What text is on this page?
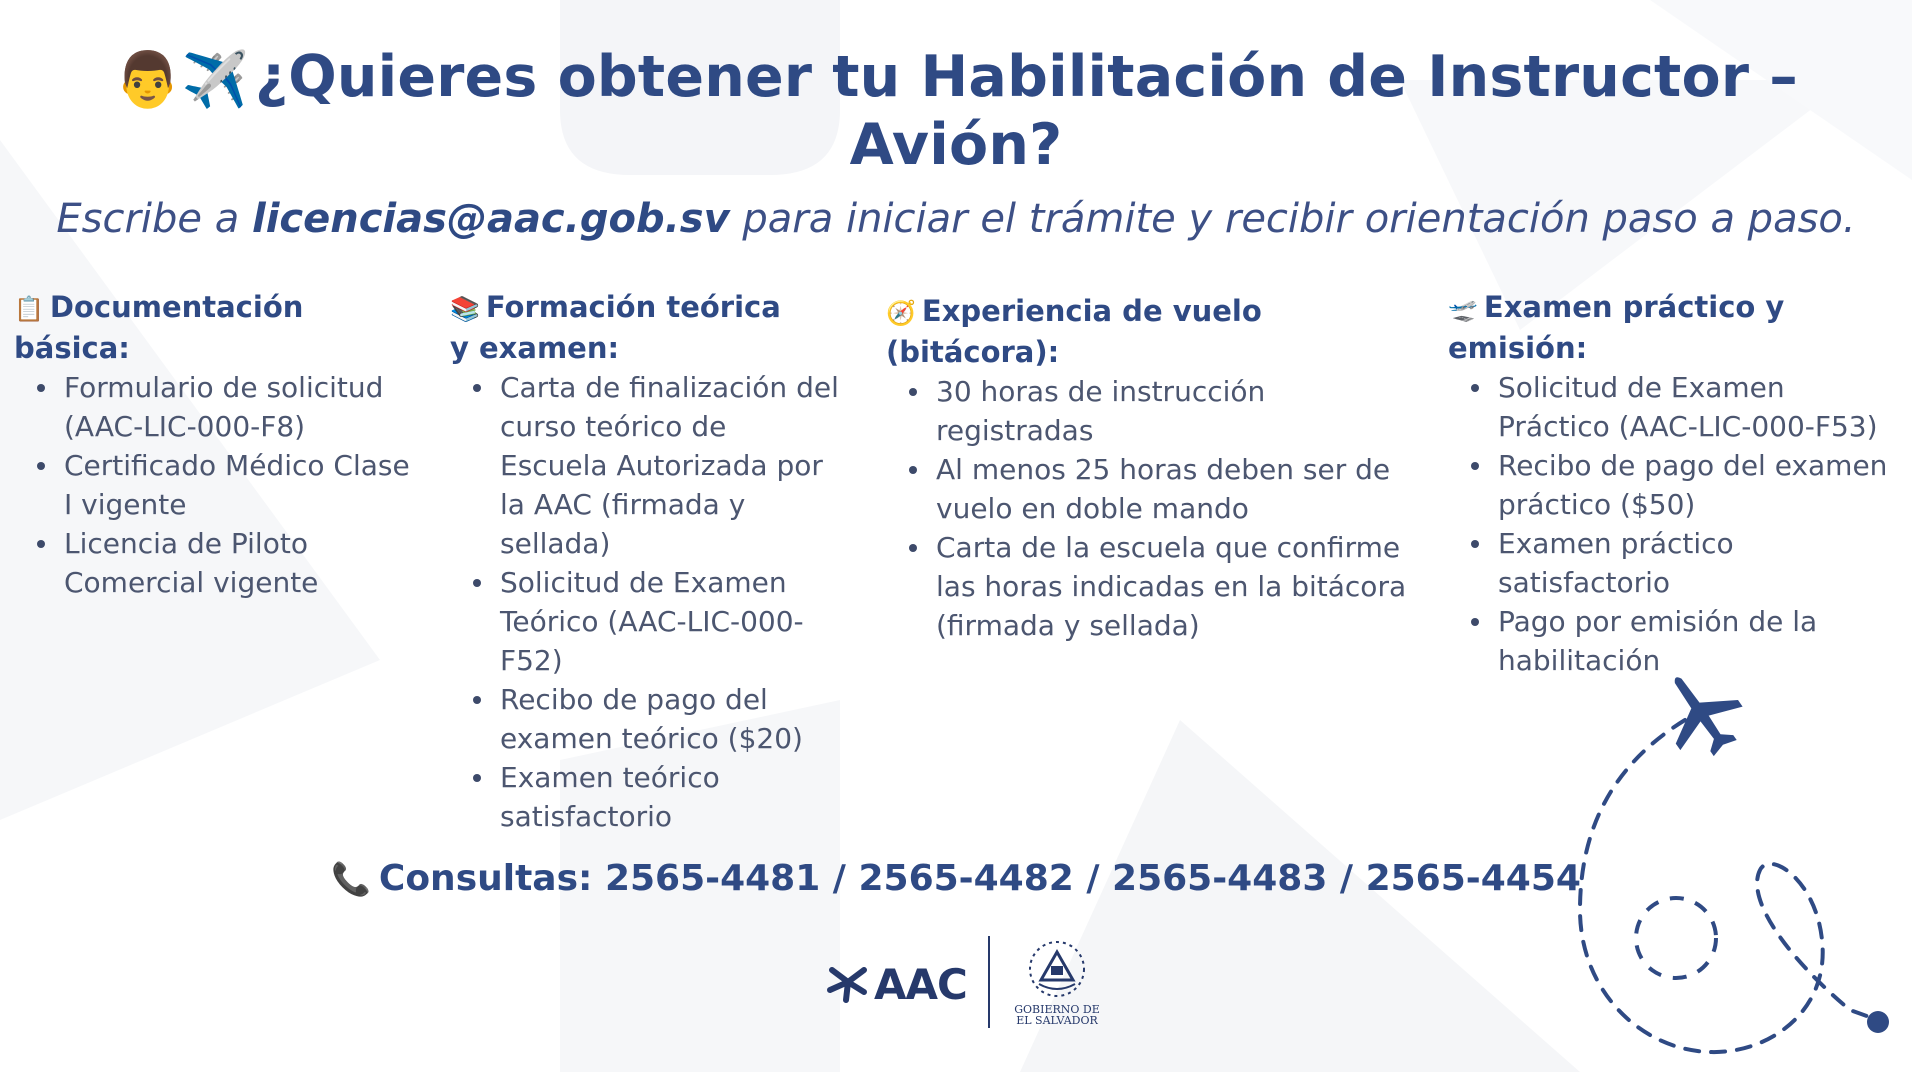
👨✈️ ¿Quieres obtener tu Habilitación de Instructor – Avión?
Escribe a licencias@aac.gob.sv para iniciar el trámite y recibir orientación paso a paso.
📋 Documentación básica:
Formulario de solicitud (AAC-LIC-000-F8)
Certificado Médico Clase I vigente
Licencia de Piloto Comercial vigente
📚 Formación teórica y examen:
Carta de finalización del curso teórico de Escuela Autorizada por la AAC (firmada y sellada)
Solicitud de Examen Teórico (AAC-LIC-000-F52)
Recibo de pago del examen teórico ($20)
Examen teórico satisfactorio
🧭 Experiencia de vuelo (bitácora):
30 horas de instrucción registradas
Al menos 25 horas deben ser de vuelo en doble mando
Carta de la escuela que confirme las horas indicadas en la bitácora (firmada y sellada)
🛫 Examen práctico y emisión:
Solicitud de Examen Práctico (AAC-LIC-000-F53)
Recibo de pago del examen práctico ($50)
Examen práctico satisfactorio
Pago por emisión de la habilitación
📞 Consultas: 2565-4481 / 2565-4482 / 2565-4483 / 2565-4454
AAC
GOBIERNO DE
EL SALVADOR
